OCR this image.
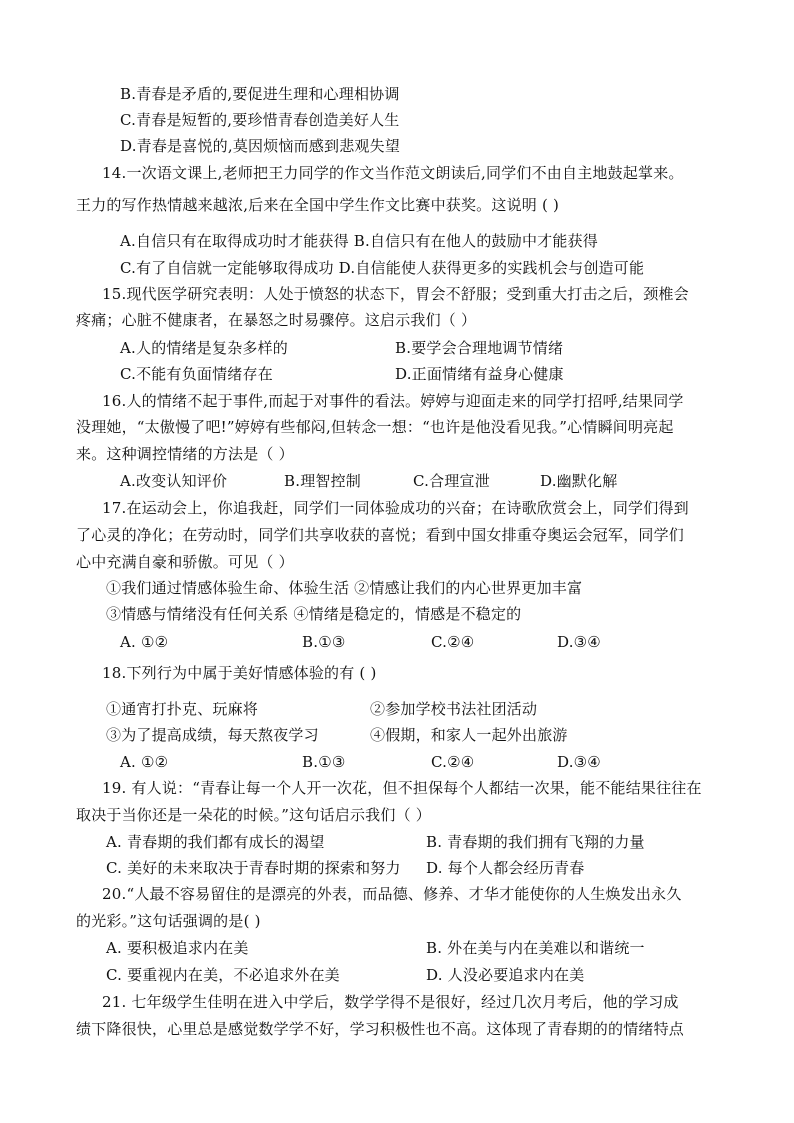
B.青春是矛盾的,要促进生理和心理相协调
C.青春是短暂的,要珍惜青春创造美好人生
D.青春是喜悦的,莫因烦恼而感到悲观失望
14.一次语文课上,老师把王力同学的作文当作范文朗读后,同学们不由自主地鼓起掌来。
王力的写作热情越来越浓,后来在全国中学生作文比赛中获奖。这说明 ( )
A.自信只有在取得成功时才能获得 B.自信只有在他人的鼓励中才能获得
C.有了自信就一定能够取得成功 D.自信能使人获得更多的实践机会与创造可能
15.现代医学研究表明：人处于愤怒的状态下，胃会不舒服；受到重大打击之后，颈椎会
疼痛；心脏不健康者，在暴怒之时易骤停。这启示我们（ ）
A.人的情绪是复杂多样的	B.要学会合理地调节情绪
C.不能有负面情绪存在	D.正面情绪有益身心健康
16.人的情绪不起于事件,而起于对事件的看法。婷婷与迎面走来的同学打招呼,结果同学
没理她，“太傲慢了吧!”婷婷有些郁闷,但转念一想：“也许是他没看见我。”心情瞬间明亮起
来。这种调控情绪的方法是（ ）
A.改变认知评价	B.理智控制	C.合理宣泄	D.幽默化解
17.在运动会上，你追我赶，同学们一同体验成功的兴奋；在诗歌欣赏会上，同学们得到
了心灵的净化；在劳动时，同学们共享收获的喜悦；看到中国女排重夺奥运会冠军，同学们
心中充满自豪和骄傲。可见（ ）
①我们通过情感体验生命、体验生活 ②情感让我们的内心世界更加丰富
③情感与情绪没有任何关系 ④情绪是稳定的，情感是不稳定的
A. ①②	B.①③	C.②④	D.③④
18.下列行为中属于美好情感体验的有 ( )
①通宵打扑克、玩麻将	②参加学校书法社团活动
③为了提高成绩，每天熬夜学习	④假期，和家人一起外出旅游
A. ①②	B.①③	C.②④	D.③④
19. 有人说：“青春让每一个人开一次花，但不担保每个人都结一次果，能不能结果往往在
取决于当你还是一朵花的时候。”这句话启示我们（ ）
A. 青春期的我们都有成长的渴望	B. 青春期的我们拥有飞翔的力量
C. 美好的未来取决于青春时期的探索和努力 D. 每个人都会经历青春
20.“人最不容易留住的是漂亮的外表，而品德、修养、才华才能使你的人生焕发出永久
的光彩。”这句话强调的是( )
A. 要积极追求内在美	B. 外在美与内在美难以和谐统一
C. 要重视内在美，不必追求外在美	D. 人没必要追求内在美
21. 七年级学生佳明在进入中学后，数学学得不是很好，经过几次月考后，他的学习成
绩下降很快，心里总是感觉数学学不好，学习积极性也不高。这体现了青春期的的情绪特点
